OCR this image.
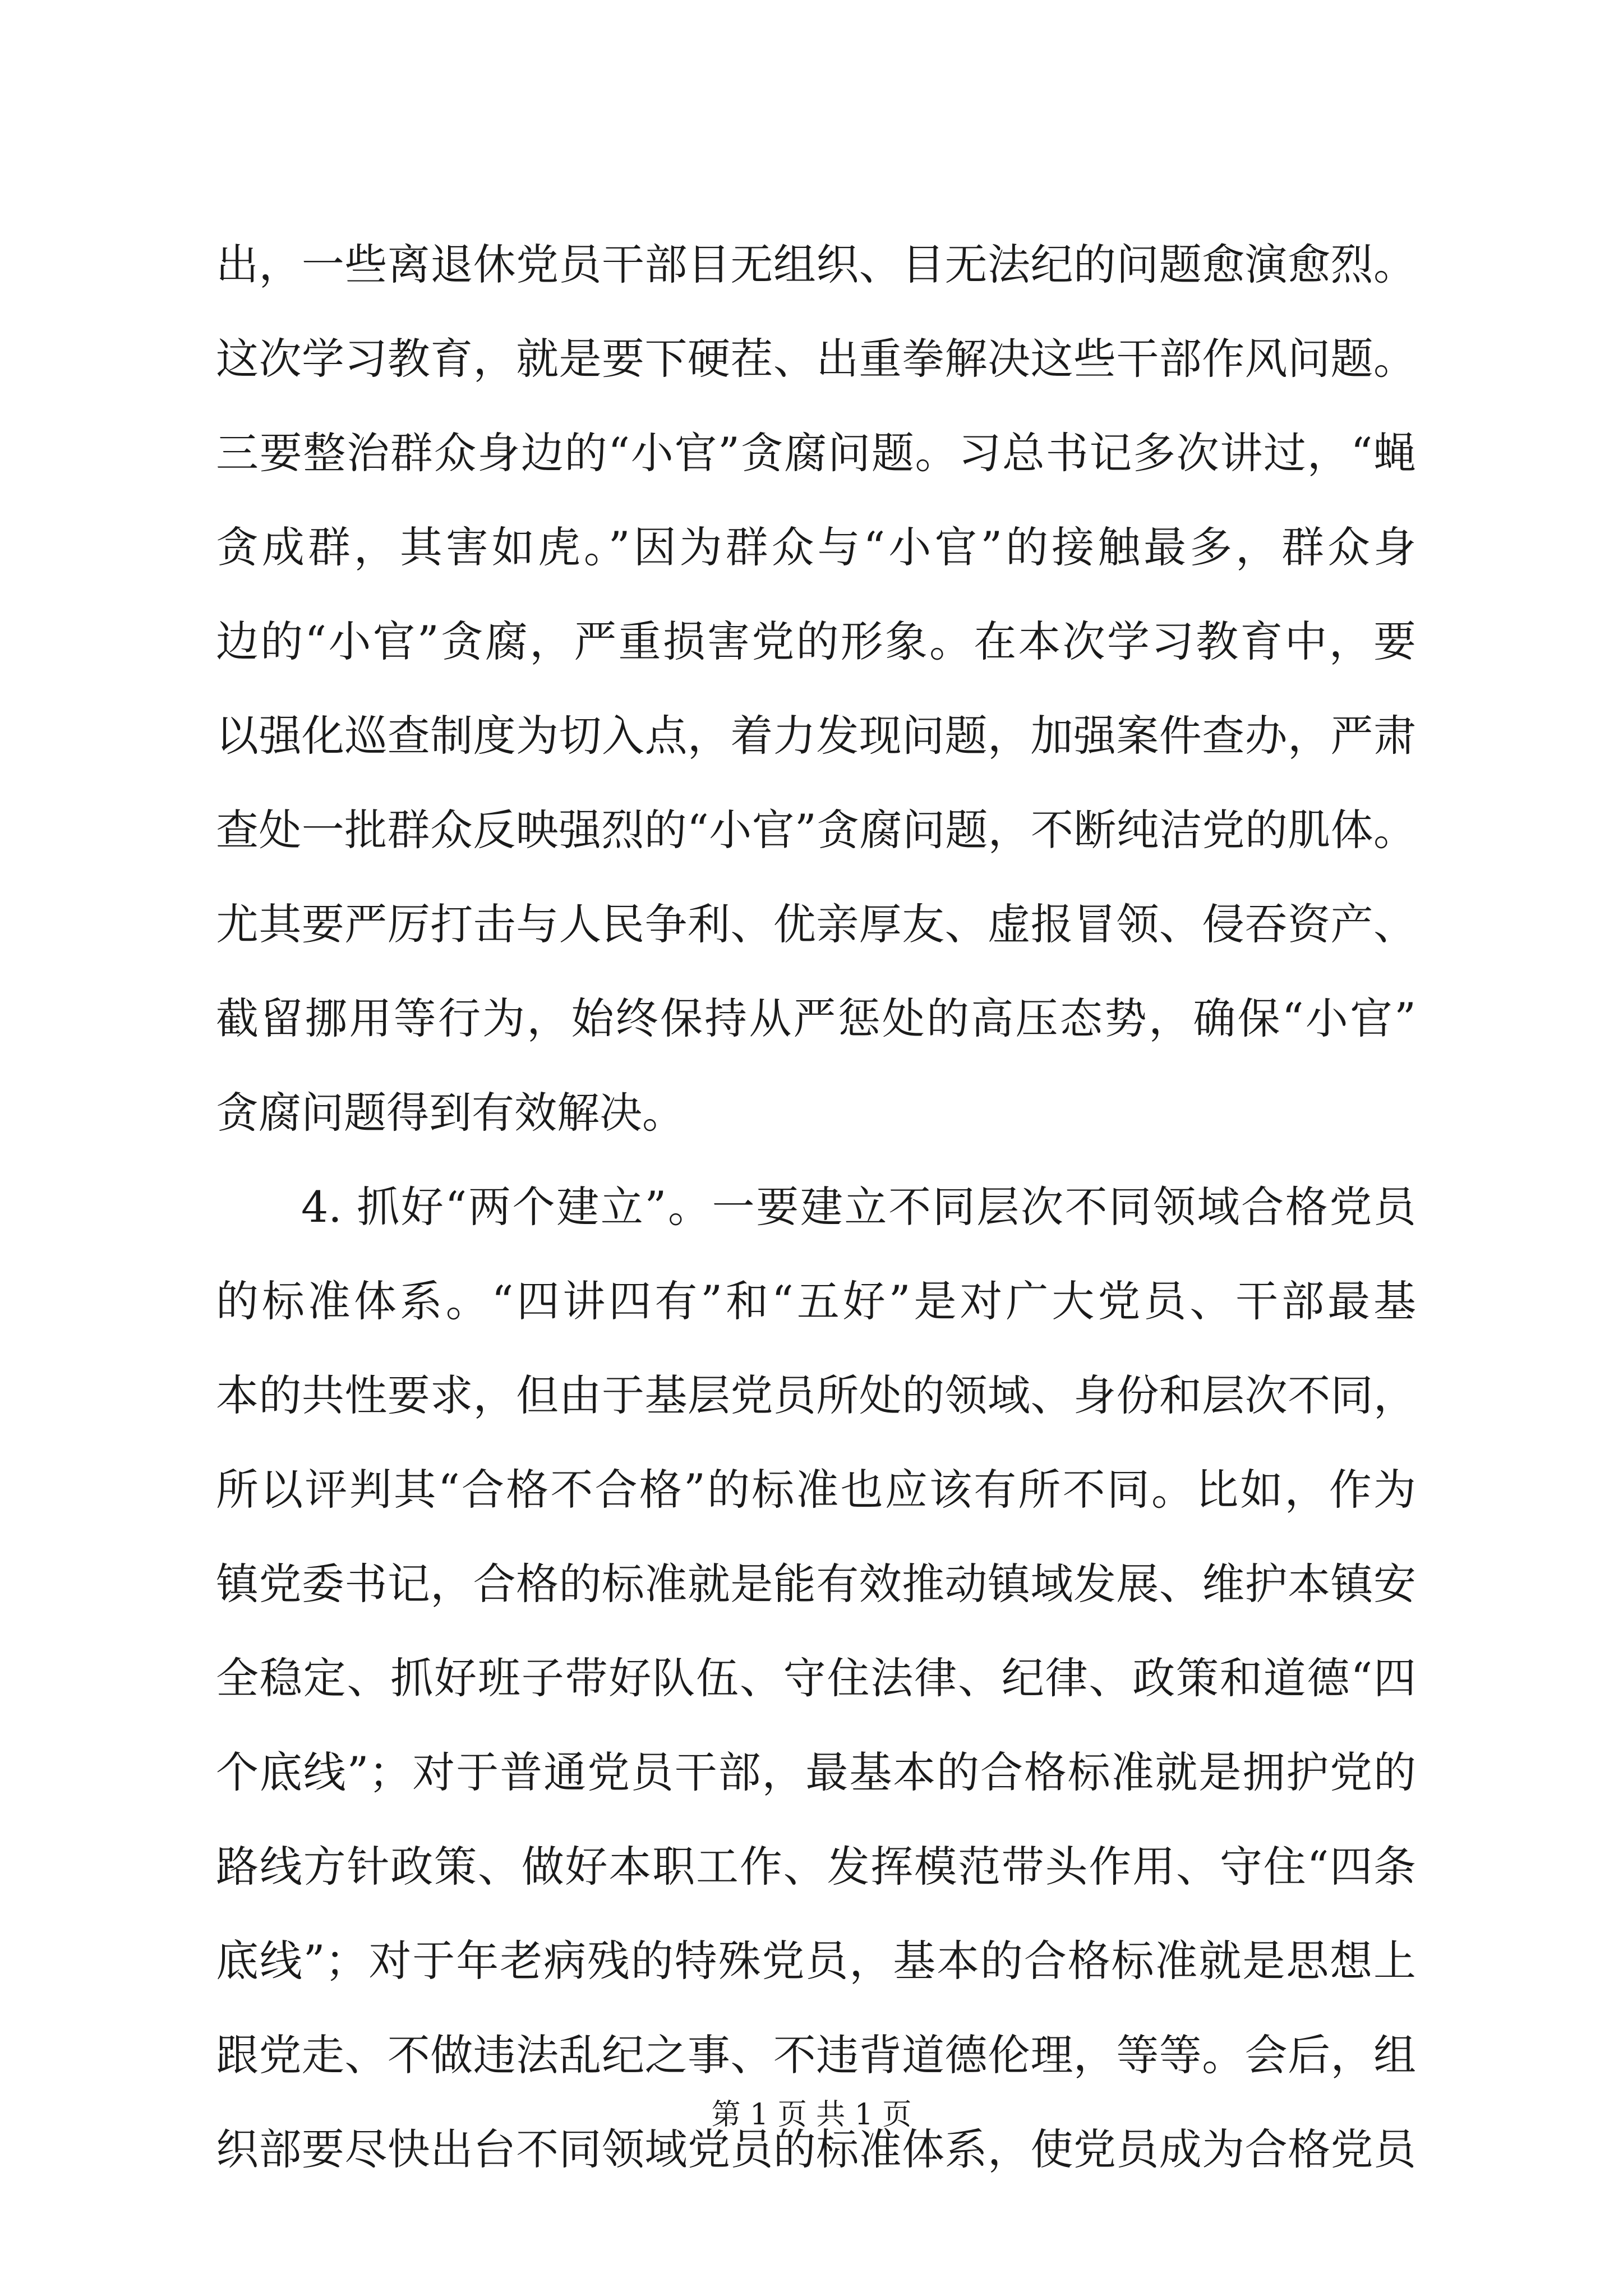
出，一些离退休党员干部目无组织、目无法纪的问题愈演愈烈。
这次学习教育，就是要下硬茬、出重拳解决这些干部作风问题。
三要整治群众身边的“小官”贪腐问题。习总书记多次讲过，“蝇
贪成群，其害如虎。”因为群众与“小官”的接触最多，群众身
边的“小官”贪腐，严重损害党的形象。在本次学习教育中，要
以强化巡查制度为切入点，着力发现问题，加强案件查办，严肃
查处一批群众反映强烈的“小官”贪腐问题，不断纯洁党的肌体。
尤其要严厉打击与人民争利、优亲厚友、虚报冒领、侵吞资产、
截留挪用等行为，始终保持从严惩处的高压态势，确保“小官”
贪腐问题得到有效解决。
4. 抓好“两个建立”。一要建立不同层次不同领域合格党员
的标准体系。“四讲四有”和“五好”是对广大党员、干部最基
本的共性要求，但由于基层党员所处的领域、身份和层次不同，
所以评判其“合格不合格”的标准也应该有所不同。比如，作为
镇党委书记，合格的标准就是能有效推动镇域发展、维护本镇安
全稳定、抓好班子带好队伍、守住法律、纪律、政策和道德“四
个底线”；对于普通党员干部，最基本的合格标准就是拥护党的
路线方针政策、做好本职工作、发挥模范带头作用、守住“四条
底线”；对于年老病残的特殊党员，基本的合格标准就是思想上
跟党走、不做违法乱纪之事、不违背道德伦理，等等。会后，组
织部要尽快出台不同领域党员的标准体系，使党员成为合格党员
第 1 页 共 1 页
